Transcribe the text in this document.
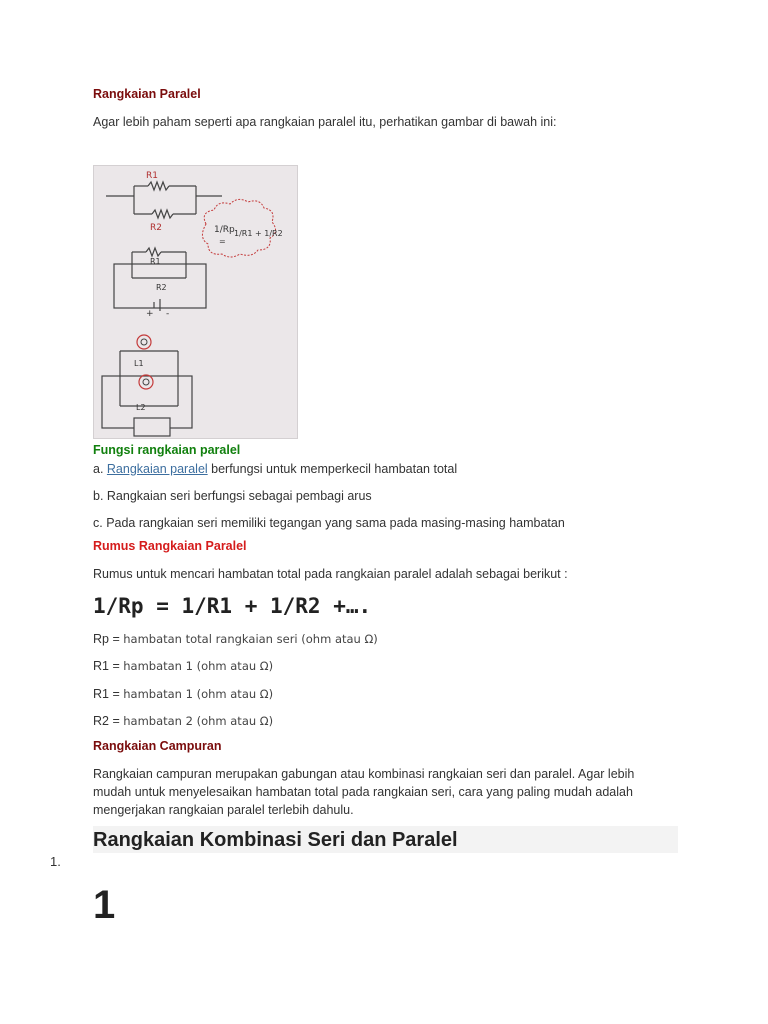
Rangkaian Paralel
Agar lebih paham seperti apa rangkaian paralel itu, perhatikan gambar di bawah ini:
R1
R2	1/Rp
=
1/R1 + 1/R2
R1
R2
+ -
L1
L2
Fungsi rangkaian paralel
a. Rangkaian paralel berfungsi untuk memperkecil hambatan total
b. Rangkaian seri berfungsi sebagai pembagi arus
c. Pada rangkaian seri memiliki tegangan yang sama pada masing-masing hambatan
Rumus Rangkaian Paralel
Rumus untuk mencari hambatan total pada rangkaian paralel adalah sebagai berikut :
1/Rp = 1/R1 + 1/R2 +….
Rp = hambatan total rangkaian seri (ohm atau Ω)
R1 = hambatan 1 (ohm atau Ω)
R1 = hambatan 1 (ohm atau Ω)
R2 = hambatan 2 (ohm atau Ω)
Rangkaian Campuran
Rangkaian campuran merupakan gabungan atau kombinasi rangkaian seri dan paralel. Agar lebih
mudah untuk menyelesaikan hambatan total pada rangkaian seri, cara yang paling mudah adalah
mengerjakan rangkaian paralel terlebih dahulu.
Rangkaian Kombinasi Seri dan Paralel
1.
1
